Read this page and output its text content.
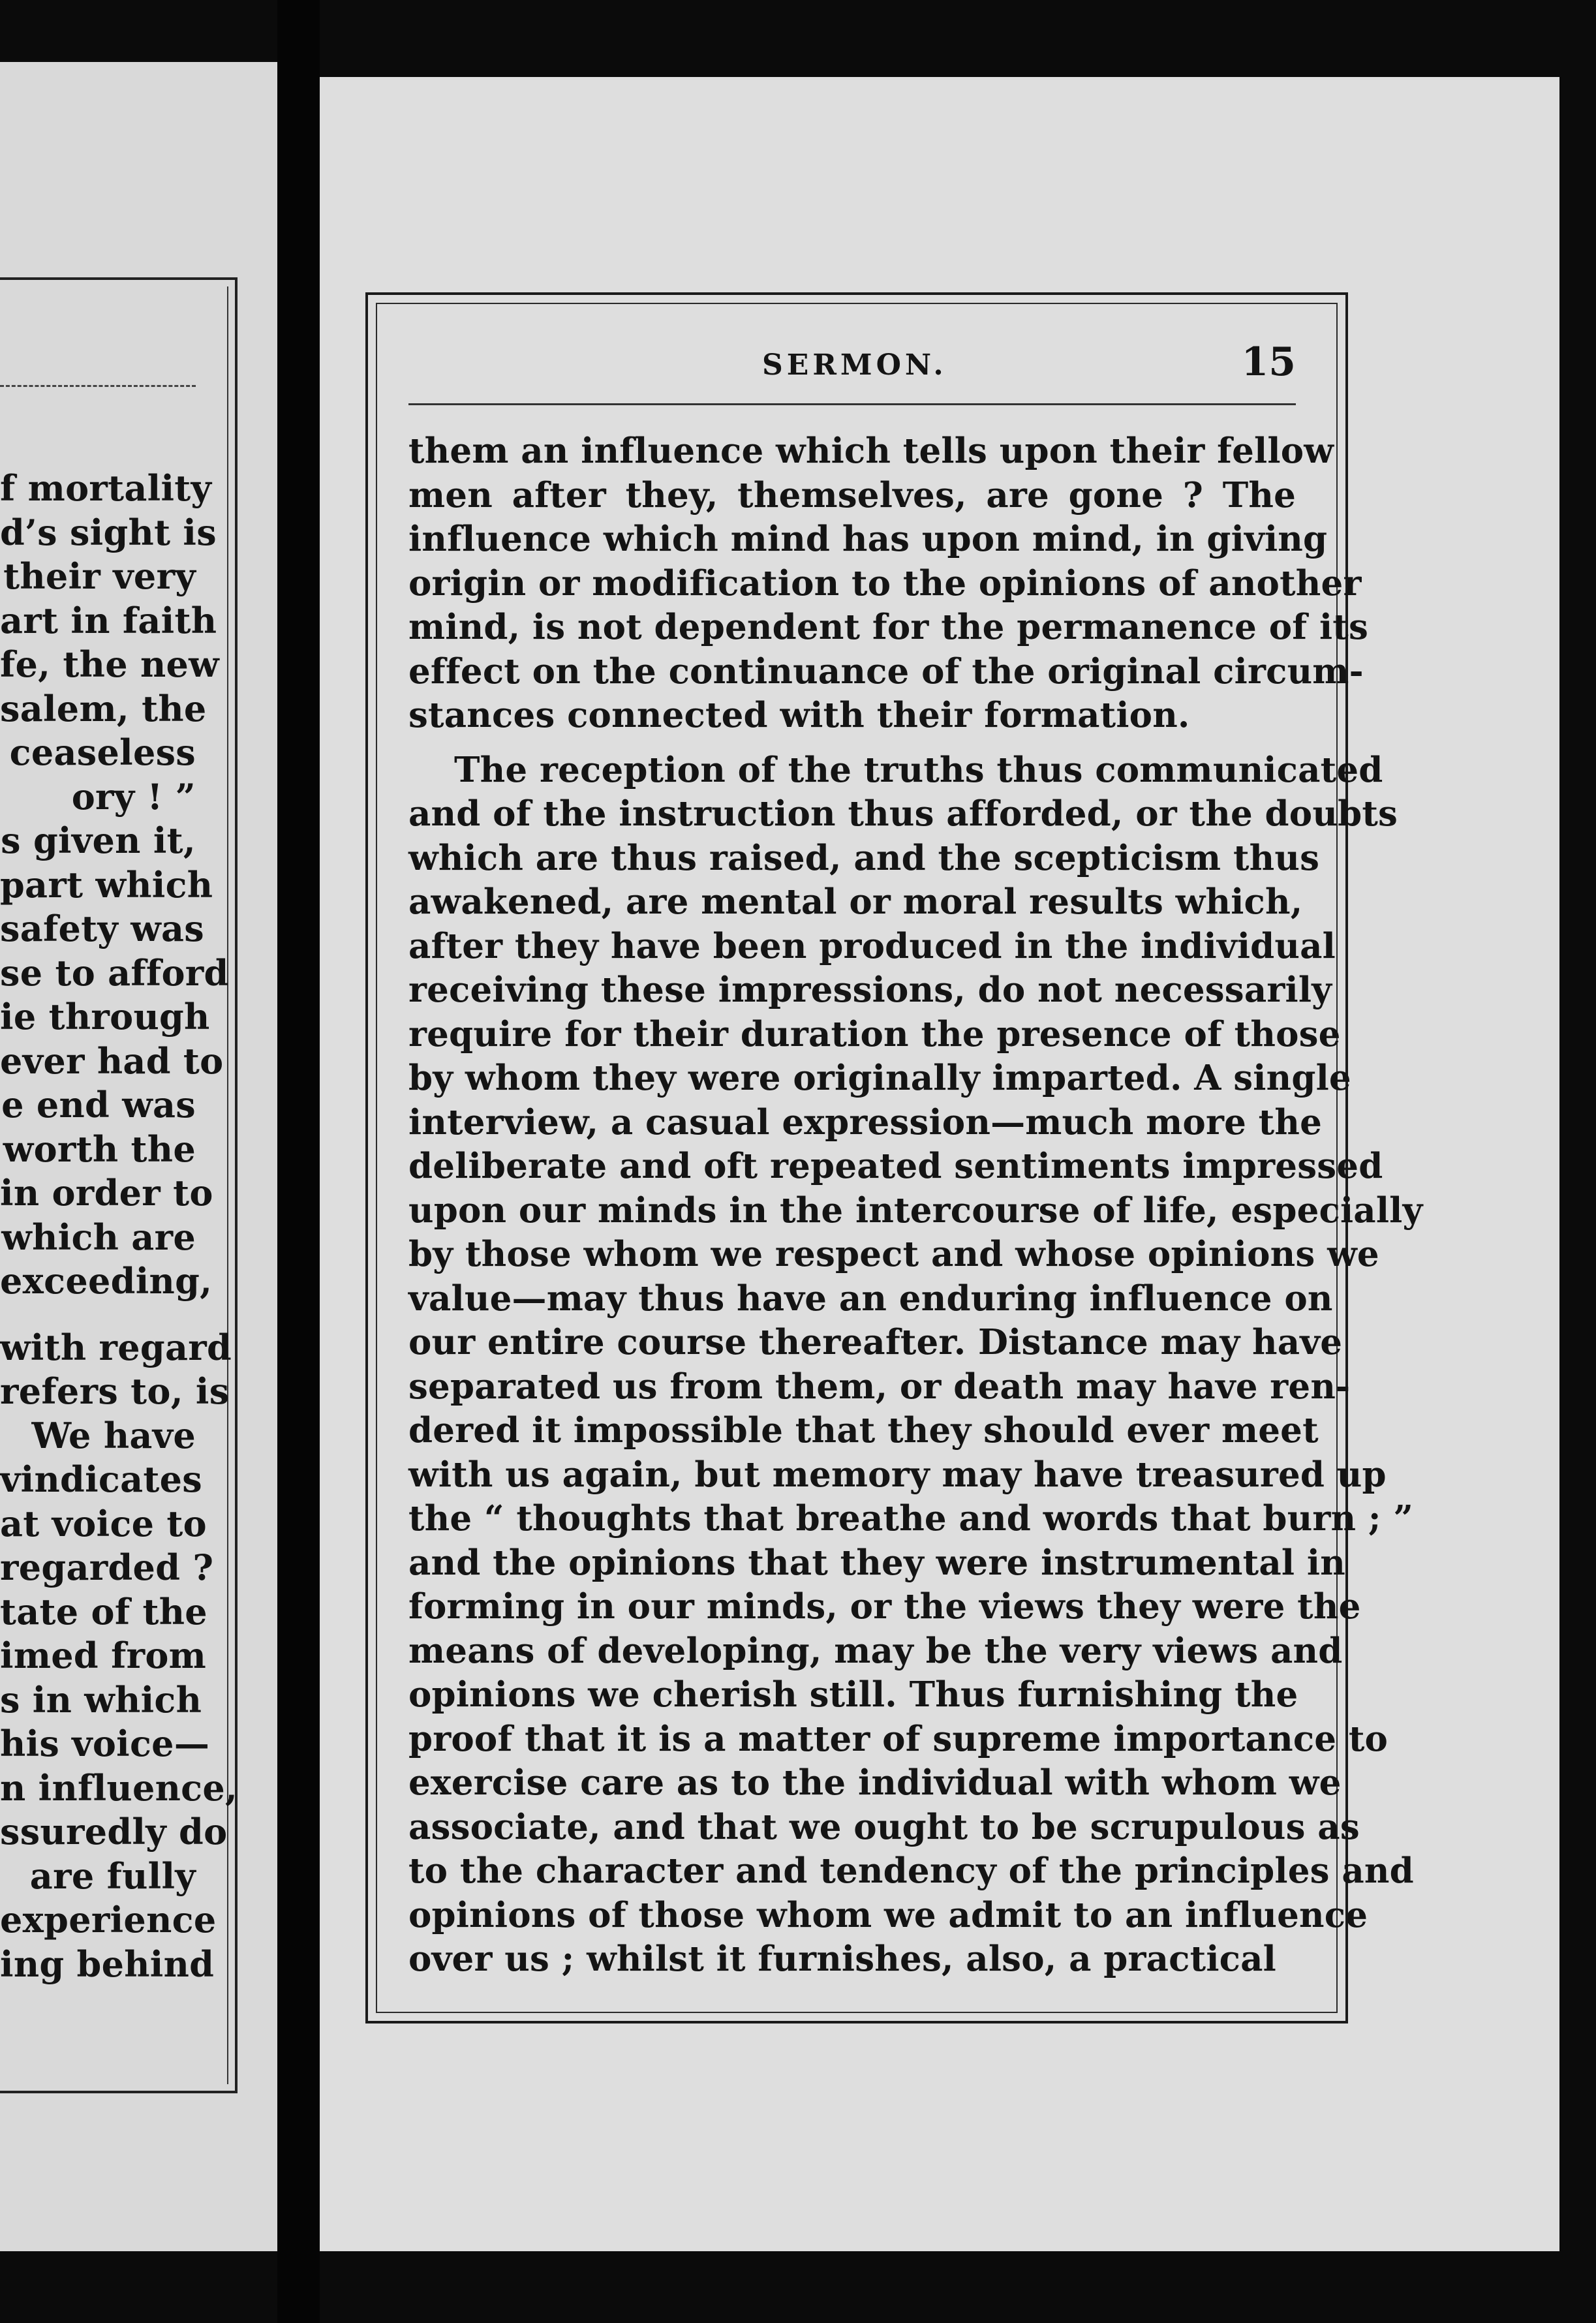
f mortality
d’s sight is
their very
art in faith
fe, the new
salem, the
ceaseless
ory ! ”
s given it,
part which
safety was
se to afford
ie through
ever had to
e end was
worth the
in order to
which are
exceeding,
with regard
refers to, is
We have
vindicates
at voice to
regarded ?
tate of the
imed from
s in which
his voice—
n influence,
ssuredly do
are fully
experience
ing behind
SERMON.	15
them an influence which tells upon their fellow
men after they, themselves, are gone ? The
influence which mind has upon mind, in giving
origin or modification to the opinions of another
mind, is not dependent for the permanence of its
effect on the continuance of the original circum-
stances connected with their formation.
The reception of the truths thus communicated
and of the instruction thus afforded, or the doubts
which are thus raised, and the scepticism thus
awakened, are mental or moral results which,
after they have been produced in the individual
receiving these impressions, do not necessarily
require for their duration the presence of those
by whom they were originally imparted. A single
interview, a casual expression—much more the
deliberate and oft repeated sentiments impressed
upon our minds in the intercourse of life, especially
by those whom we respect and whose opinions we
value—may thus have an enduring influence on
our entire course thereafter. Distance may have
separated us from them, or death may have ren-
dered it impossible that they should ever meet
with us again, but memory may have treasured up
the “ thoughts that breathe and words that burn ; ”
and the opinions that they were instrumental in
forming in our minds, or the views they were the
means of developing, may be the very views and
opinions we cherish still. Thus furnishing the
proof that it is a matter of supreme importance to
exercise care as to the individual with whom we
associate, and that we ought to be scrupulous as
to the character and tendency of the principles and
opinions of those whom we admit to an influence
over us ; whilst it furnishes, also, a practical
